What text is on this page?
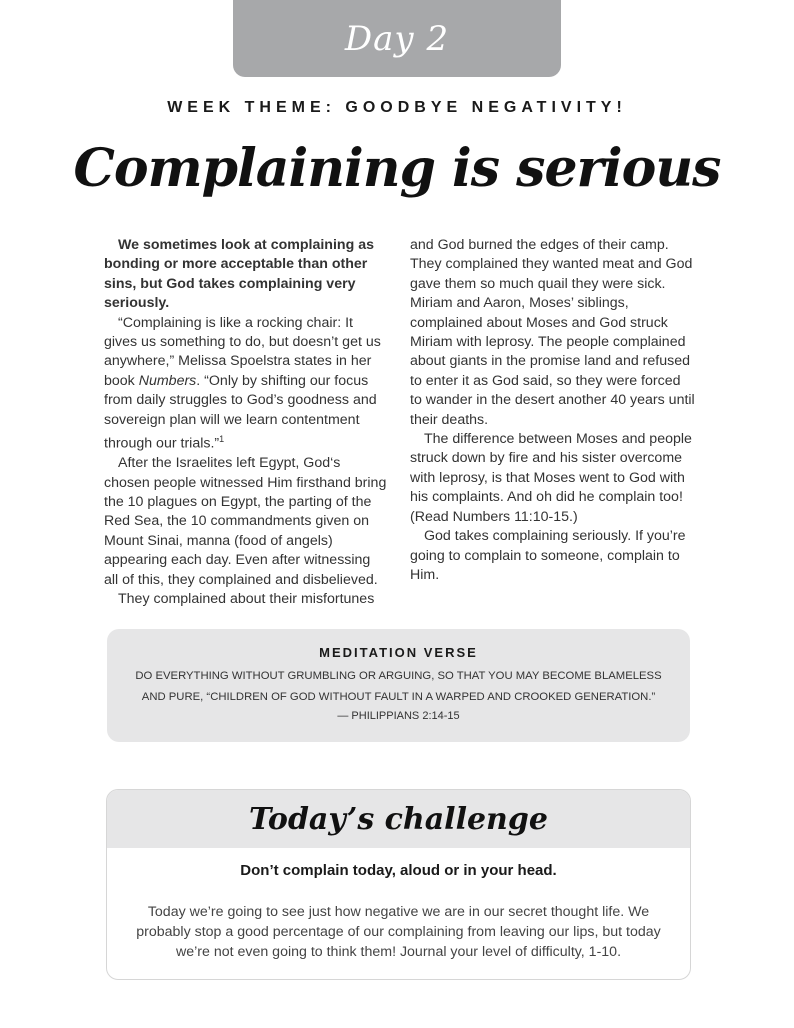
Day 2
WEEK THEME: GOODBYE NEGATIVITY!
Complaining is serious

We sometimes look at complaining as bonding or more acceptable than other sins, but God takes complaining very seriously.

“Complaining is like a rocking chair: It gives us something to do, but doesn’t get us anywhere,” Melissa Spoelstra states in her book Numbers. “Only by shifting our focus from daily struggles to God’s goodness and sovereign plan will we learn contentment through our trials.”$^1$

After the Israelites left Egypt, God‘s chosen people witnessed Him firsthand bring the 10 plagues on Egypt, the parting of the Red Sea, the 10 commandments given on Mount Sinai, manna (food of angels) appearing each day. Even after witnessing all of this, they complained and disbelieved.

They complained about their misfortunes

and God burned the edges of their camp. They complained they wanted meat and God gave them so much quail they were sick. Miriam and Aaron, Moses’ siblings, complained about Moses and God struck Miriam with leprosy. The people complained about giants in the promise land and refused to enter it as God said, so they were forced to wander in the desert another 40 years until their deaths.

The difference between Moses and people struck down by fire and his sister overcome with leprosy, is that Moses went to God with his complaints. And oh did he complain too! (Read Numbers 11:10-15.)

God takes complaining seriously. If you’re going to complain to someone, complain to Him.

MEDITATION VERSE
DO EVERYTHING WITHOUT GRUMBLING OR ARGUING, SO THAT YOU MAY BECOME BLAMELESS
AND PURE, “CHILDREN OF GOD WITHOUT FAULT IN A WARPED AND CROOKED GENERATION.”
— PHILIPPIANS 2:14-15
Today’s challenge
Don’t complain today, aloud or in your head.
Today we’re going to see just how negative we are in our secret thought life. We probably stop a good percentage of our complaining from leaving our lips, but today we’re not even going to think them! Journal your level of difficulty, 1-10.
